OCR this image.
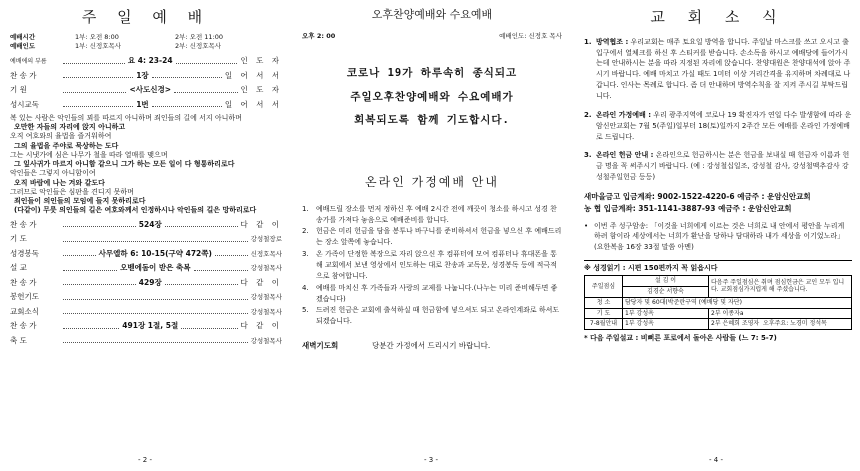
주 일 예 배
예배시간	1부: 오전 8:00	2부: 오전 11:00
예배인도	1부: 신정호목사	2부: 신정호목사
예배에의 부름	요 4: 23-24	인 도 자
찬 송 가	1장	일 어 서 서
기 원	<사도신경>	인 도 자
성시교독	1번	일 어 서 서
복 있는 사람은 악인들의 꾀를 따르지 아니하며 죄인들의 길에 서지 아니하며
오만한 자들의 자리에 앉지 아니하고
오직 여호와의 율법을 즐거워하여
그의 율법을 주야로 묵상하는 도다
그는 시냇가에 심은 나무가 철을 따라 열매를 맺으며
그 잎사귀가 마르지 아니함 같으니 그가 하는 모든 일이 다 형통하리로다
악인들은 그렇지 아니함이여
오직 바람에 나는 겨와 같도다
그러므로 악인들은 심판을 견디지 못하며
죄인들이 의인들의 모임에 들지 못하리로다
(다같이) 무릇 의인들의 길은 여호와께서 인정하시나 악인들의 길은 망하리로다
찬 송 가	524장	다 같 이
기 도	강성철장로
성경봉독	사무엘하 6: 10-15(구약 472쪽)	신정호목사
설 교	오벧에돔이 받은 축복	강성철목사
찬 송 가	429장	다 같 이
봉헌기도	강성철목사
교회소식	강성철목사
찬 송 가	491장 1절, 5절	다 같 이
축 도	강성철목사
- 2 -
오후찬양예배와 수요예배
오후 2: 00	예배인도: 신정호 목사
코로나 19가 하루속히 종식되고
주일오후찬양예배와 수요예배가
회복되도록 함께 기도합시다.
온라인 가정예배 안내
1.	예배드릴 장소를 먼저 정하신 후 예배 2시간 전에 깨끗이 청소를 하시고 성경 찬송가를 가져다 놓음으로 예배준비를 합니다.
2.	헌금은 미리 헌금을 담을 봉투나 바구니를 준비하셔서 헌금을 넣으신 후 예배드리는 장소 앞쪽에 놓습니다.
3.	온 가족이 단정한 복장으로 자리 앉으신 후 컴퓨터에 모여 컴퓨터나 휴대폰을 통해 교회에서 보낸 영상에서 인도하는 대로 찬송과 교독문, 성경봉독 등에 적극적으로 참여합니다.
4.	예배를 마치신 후 가족들과 사랑의 교제를 나눕니다.(나누는 미리 준비해두면 좋겠습니다)
5.	드려진 헌금은 교회에 출석하실 때 헌금함에 넣으셔도 되고 온라인계좌로 하셔도 되겠습니다.
새벽기도회	당분간 가정에서 드리시기 바랍니다.
- 3 -
교 회 소 식
1. 방역협조 : 우리교회는 매주 토요일 방역을 합니다. 주일날 마스크를 쓰고 오시고 출입구에서 열체크를 하신 후 스티커를 받습니다. 손소독을 하시고 예배당에 들어가시는데 안내하시는 분을 따라 지정된 자리에 앉습니다. 찬양대원은 찬양대석에 앉아 주시기 바랍니다. 예배 마치고 가실 때도 1미터 이상 거리간격을 유지하며 차례대로 나갑니다. 인사는 목례로 합니다. 좀 더 안내하며 방역수칙을 잘 지켜 주시길 부탁드립니다.
2. 온라인 가정예배 : 우리 광주지역에 코로나 19 확진자가 연일 다수 발생함에 따라 운암신안교회는 7월 5(주일)일부터 18(토)일까지 2주간 모든 예배를 온라인 가정예배로 드립니다.
3. 온라인 헌금 안내 : 온라인으로 헌금하시는 분은 헌금을 보내실 때 헌금자 이름과 헌금 명을 꼭 써주시기 바랍니다. (예 : 강성철십일조, 강성철 감사, 강성철맥추감사 강성철주일헌금 등등)
새마을금고 입금계좌: 9002-1522-4220-6 예금주 : 운암신안교회
농 협 입금계좌: 351-1141-3887-93 예금주 : 운암신안교회
• 이번 주 성구암송: 「이것을 너희에게 이르는 것은 너희로 내 안에서 평안을 누리게 하려 함이라 세상에서는 너희가 환난을 당하나 담대하라 내가 세상을 이기었노라」 (요한복음 16장 33절 말씀 아멘)
※ 성경읽기 : 시편 150편까지 꼭 읽읍시다
주일점심	설 김 이	다음주 주일점심은 취며 점심헌금은 교인 모두 입니다. 교회점심가지럽게 해 주셨습니다.
	김경순 서향숙	
청 소	담당자 및 60대(박준란구역 (예배당 및 자단)	
기 도	1부 강성옥	2부 이종자a
7-8월안내	1부 강성옥	2부 은혜희 조영자 오후주요: 노경미 정석목
* 다음 주일설교 : 비뻐른 포로에서 돌아온 사람들 (느 7: 5-7)
- 4 -
